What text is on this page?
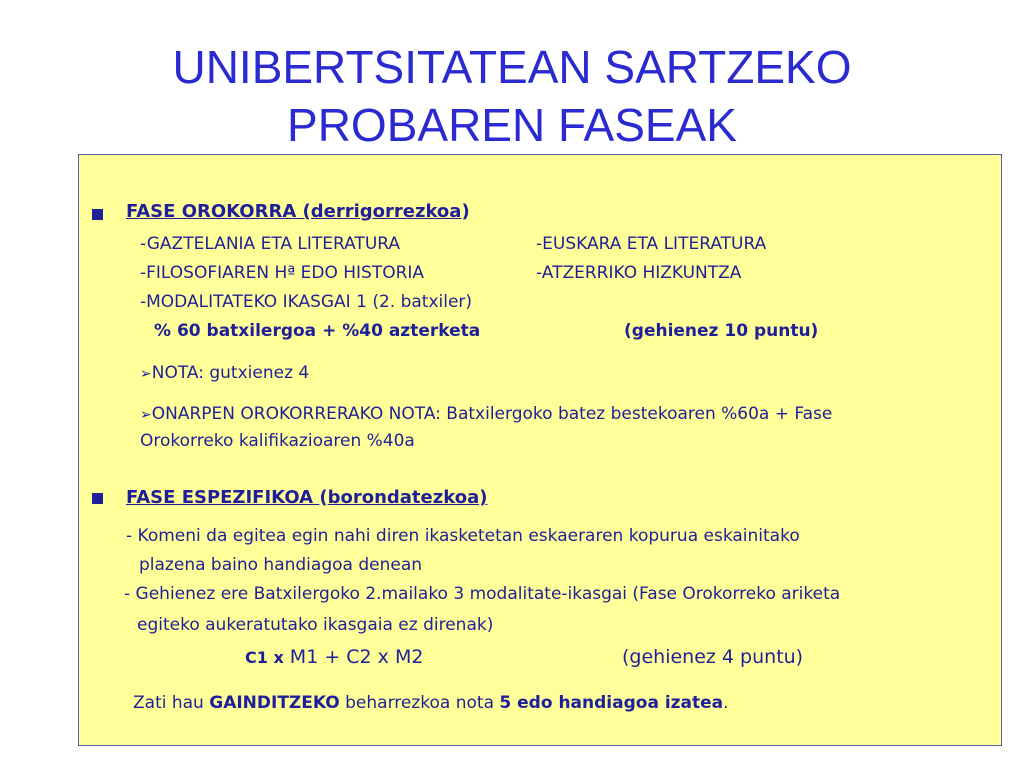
UNIBERTSITATEAN SARTZEKO
PROBAREN FASEAK
FASE OROKORRA (derrigorrezkoa)
-GAZTELANIA ETA LITERATURA	-EUSKARA ETA LITERATURA
-FILOSOFIAREN Hª EDO HISTORIA	-ATZERRIKO HIZKUNTZA
-MODALITATEKO IKASGAI 1 (2. batxiler)
% 60 batxilergoa + %40 azterketa	(gehienez 10 puntu)
➢NOTA: gutxienez 4
➢ONARPEN OROKORRERAKO NOTA: Batxilergoko batez bestekoaren %60a + Fase
Orokorreko kalifikazioaren %40a
FASE ESPEZIFIKOA (borondatezkoa)
- Komeni da egitea egin nahi diren ikasketetan eskaeraren kopurua eskainitako
plazena baino handiagoa denean
- Gehienez ere Batxilergoko 2.mailako 3 modalitate-ikasgai (Fase Orokorreko ariketa
egiteko aukeratutako ikasgaia ez direnak)
C1 x M1 + C2 x M2	(gehienez 4 puntu)
Zati hau GAINDITZEKO beharrezkoa nota 5 edo handiagoa izatea.
